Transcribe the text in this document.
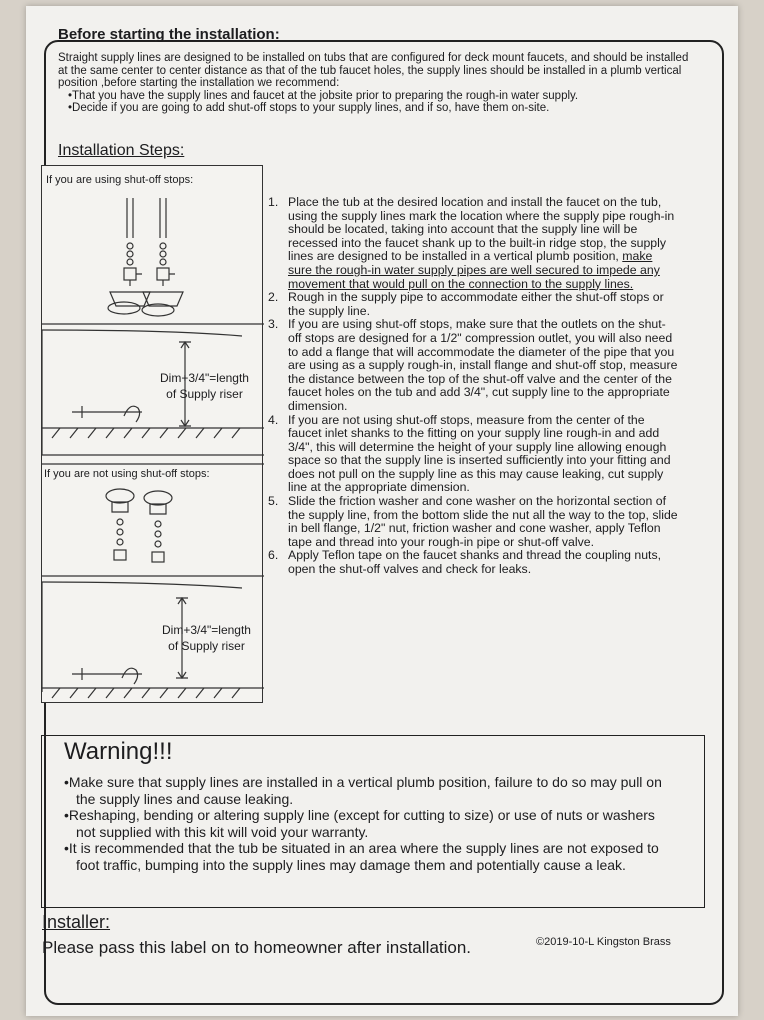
Before starting the installation:

Straight supply lines are designed to be installed on tubs that are configured for deck mount faucets, and should be installed at the same center to center distance as that of the tub faucet holes, the supply lines should be installed in a plumb vertical position ,before starting the installation we recommend:

• That you have the supply lines and faucet at the jobsite prior to preparing the rough-in water supply.
• Decide if you are going to add shut-off stops to your supply lines, and if so, have them on-site.
Installation Steps:
If you are using shut-off stops:
Dim+3/4"=length
of Supply riser
If you are not using shut-off stops:
Dim+3/4"=length
of Supply riser
1. Place the tub at the desired location and install the faucet on the tub, using the supply lines mark the location where the supply pipe rough-in should be located, taking into account that the supply line will be recessed into the faucet shank up to the built-in ridge stop, the supply lines are designed to be installed in a vertical plumb position, make sure the rough-in water supply pipes are well secured to impede any movement that would pull on the connection to the supply lines.
2. Rough in the supply pipe to accommodate either the shut-off stops or the supply line.
3. If you are using shut-off stops, make sure that the outlets on the shut-off stops are designed for a 1/2" compression outlet, you will also need to add a flange that will accommodate the diameter of the pipe that you are using as a supply rough-in, install flange and shut-off stop, measure the distance between the top of the shut-off valve and the center of the faucet holes on the tub and add 3/4", cut supply line to the appropriate dimension.
4. If you are not using shut-off stops, measure from the center of the faucet inlet shanks to the fitting on your supply line rough-in and add 3/4", this will determine the height of your supply line allowing enough space so that the supply line is inserted sufficiently into your fitting and does not pull on the supply line as this may cause leaking, cut supply line at the appropriate dimension.
5. Slide the friction washer and cone washer on the horizontal section of the supply line, from the bottom slide the nut all the way to the top, slide in bell flange, 1/2" nut, friction washer and cone washer, apply Teflon tape and thread into your rough-in pipe or shut-off valve.
6. Apply Teflon tape on the faucet shanks and thread the coupling nuts, open the shut-off valves and check for leaks.
Warning!!!
• Make sure that supply lines are installed in a vertical plumb position, failure to do so may pull on the supply lines and cause leaking.
• Reshaping, bending or altering supply line (except for cutting to size) or use of nuts or washers not supplied with this kit will void your warranty.
• It is recommended that the tub be situated in an area where the supply lines are not exposed to foot traffic, bumping into the supply lines may damage them and potentially cause a leak.
Installer:
Please pass this label on to homeowner after installation.	©2019-10-L Kingston Brass
